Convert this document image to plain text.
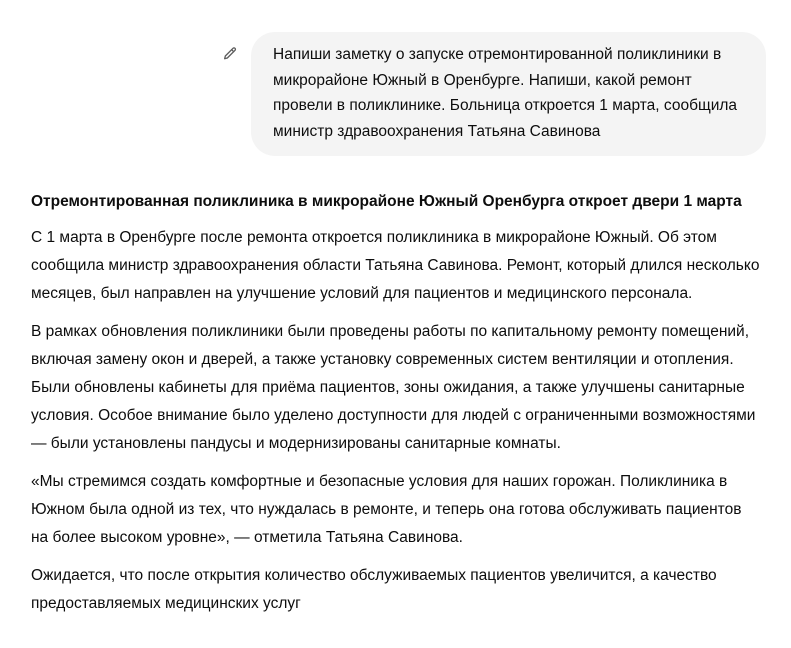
Напиши заметку о запуске отремонтированной поликлиники в микрорайоне Южный в Оренбурге. Напиши, какой ремонт провели в поликлинике. Больница откроется 1 марта, сообщила министр здравоохранения Татьяна Савинова
Отремонтированная поликлиника в микрорайоне Южный Оренбурга откроет двери 1 марта

С 1 марта в Оренбурге после ремонта откроется поликлиника в микрорайоне Южный. Об этом сообщила министр здравоохранения области Татьяна Савинова. Ремонт, который длился несколько месяцев, был направлен на улучшение условий для пациентов и медицинского персонала.

В рамках обновления поликлиники были проведены работы по капитальному ремонту помещений, включая замену окон и дверей, а также установку современных систем вентиляции и отопления. Были обновлены кабинеты для приёма пациентов, зоны ожидания, а также улучшены санитарные условия. Особое внимание было уделено доступности для людей с ограниченными возможностями — были установлены пандусы и модернизированы санитарные комнаты.

«Мы стремимся создать комфортные и безопасные условия для наших горожан. Поликлиника в Южном была одной из тех, что нуждалась в ремонте, и теперь она готова обслуживать пациентов на более высоком уровне», — отметила Татьяна Савинова.

Ожидается, что после открытия количество обслуживаемых пациентов увеличится, а качество предоставляемых медицинских услуг
